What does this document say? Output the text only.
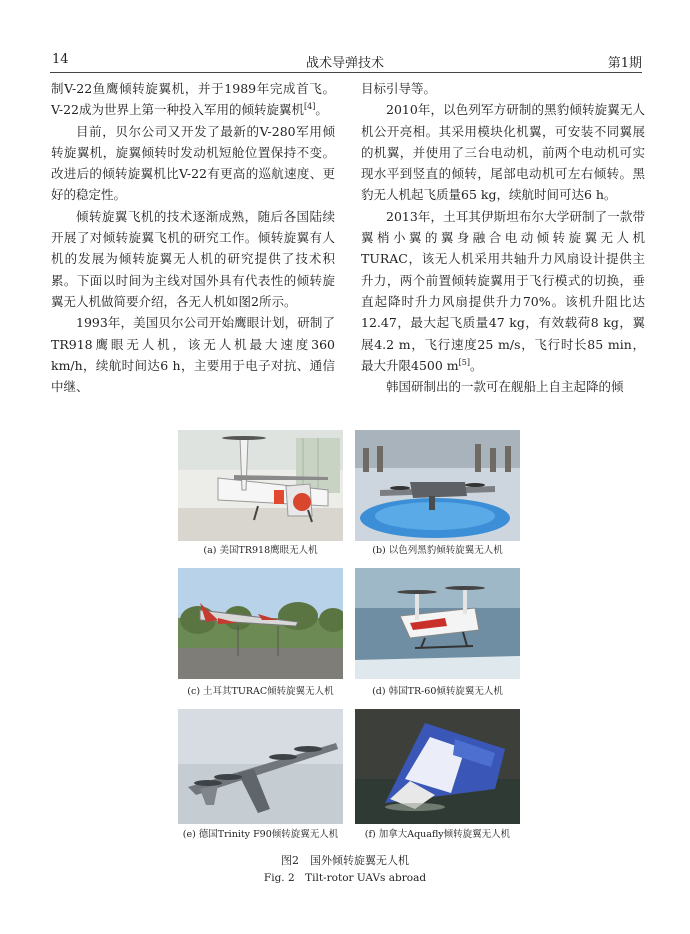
14	战术导弹技术	第1期

制V-22鱼鹰倾转旋翼机，并于1989年完成首飞。V-22成为世界上第一种投入军用的倾转旋翼机[4]。

目前，贝尔公司又开发了最新的V-280军用倾转旋翼机，旋翼倾转时发动机短舱位置保持不变。改进后的倾转旋翼机比V-22有更高的巡航速度、更好的稳定性。

倾转旋翼飞机的技术逐渐成熟，随后各国陆续开展了对倾转旋翼飞机的研究工作。倾转旋翼有人机的发展为倾转旋翼无人机的研究提供了技术积累。下面以时间为主线对国外具有代表性的倾转旋翼无人机做简要介绍，各无人机如图2所示。

1993年，美国贝尔公司开始鹰眼计划，研制了TR918鹰眼无人机，该无人机最大速度360 km/h，续航时间达6 h，主要用于电子对抗、通信中继、

目标引导等。

2010年，以色列军方研制的黑豹倾转旋翼无人机公开亮相。其采用模块化机翼，可安装不同翼展的机翼，并使用了三台电动机，前两个电动机可实现水平到竖直的倾转，尾部电动机可左右倾转。黑豹无人机起飞质量65 kg，续航时间可达6 h。

2013年，土耳其伊斯坦布尔大学研制了一款带翼梢小翼的翼身融合电动倾转旋翼无人机TURAC，该无人机采用共轴升力风扇设计提供主升力，两个前置倾转旋翼用于飞行模式的切换，垂直起降时升力风扇提供升力70%。该机升阻比达12.47，最大起飞质量47 kg，有效载荷8 kg，翼展4.2 m，飞行速度25 m/s，飞行时长85 min，最大升限4500 m[5]。

韩国研制出的一款可在舰船上自主起降的倾

(a) 美国TR918鹰眼无人机	(b) 以色列黑豹倾转旋翼无人机
(c) 土耳其TURAC倾转旋翼无人机	(d) 韩国TR-60倾转旋翼无人机
(e) 德国Trinity F90倾转旋翼无人机	(f) 加拿大Aquafly倾转旋翼无人机
图2　国外倾转旋翼无人机
Fig. 2　Tilt-rotor UAVs abroad
